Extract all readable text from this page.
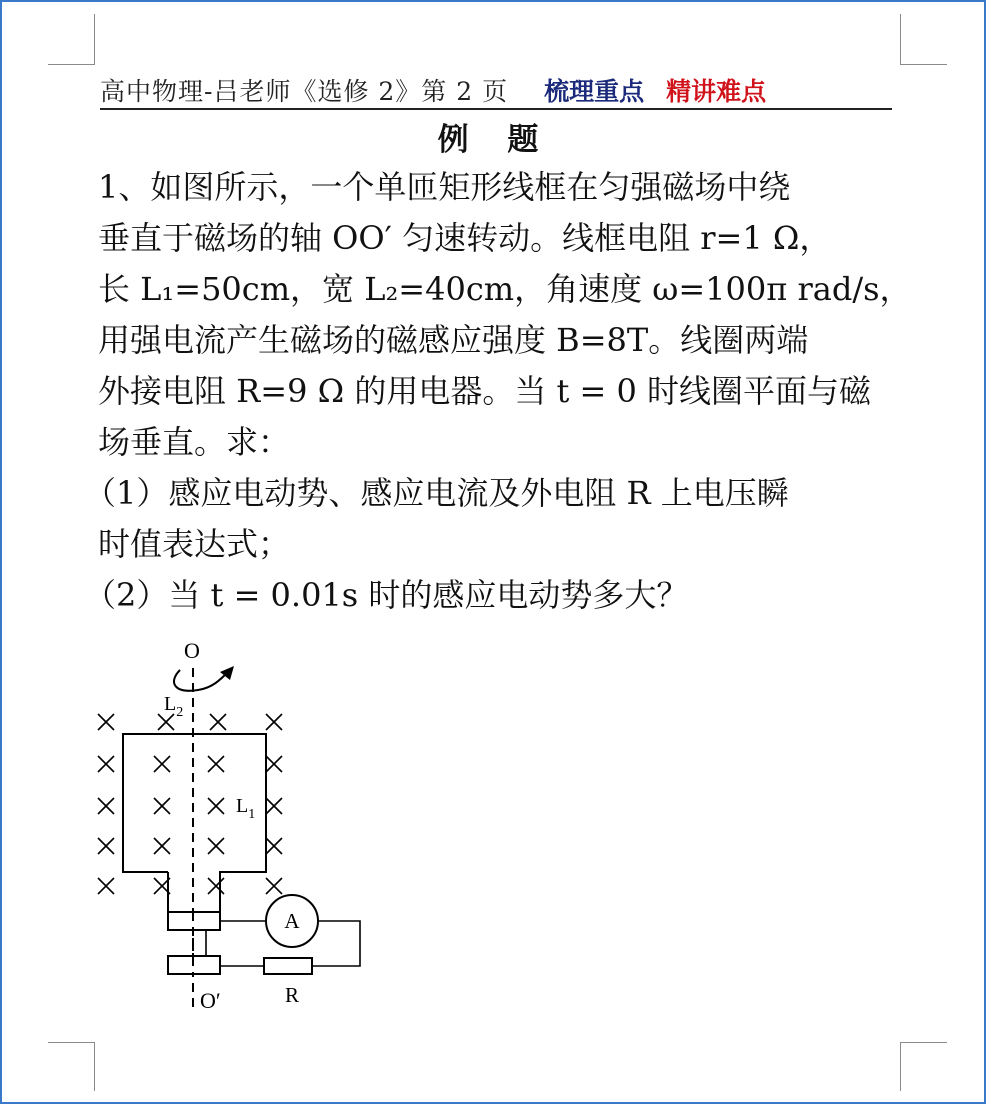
高中物理-吕老师《选修 2》第 2 页 梳理重点 精讲难点
例 题

1、如图所示，一个单匝矩形线框在匀强磁场中绕

垂直于磁场的轴 OO′ 匀速转动。线框电阻 r=1 Ω，

长 L₁=50cm，宽 L₂=40cm，角速度 ω=100π rad/s，

用强电流产生磁场的磁感应强度 B=8T。线圈两端

外接电阻 R=9 Ω 的用电器。当 t = 0 时线圈平面与磁

场垂直。求：

（1）感应电动势、感应电流及外电阻 R 上电压瞬

时值表达式；

（2）当 t = 0.01s 时的感应电动势多大？

O
O′
$L_2$
$L_1$
A
R
